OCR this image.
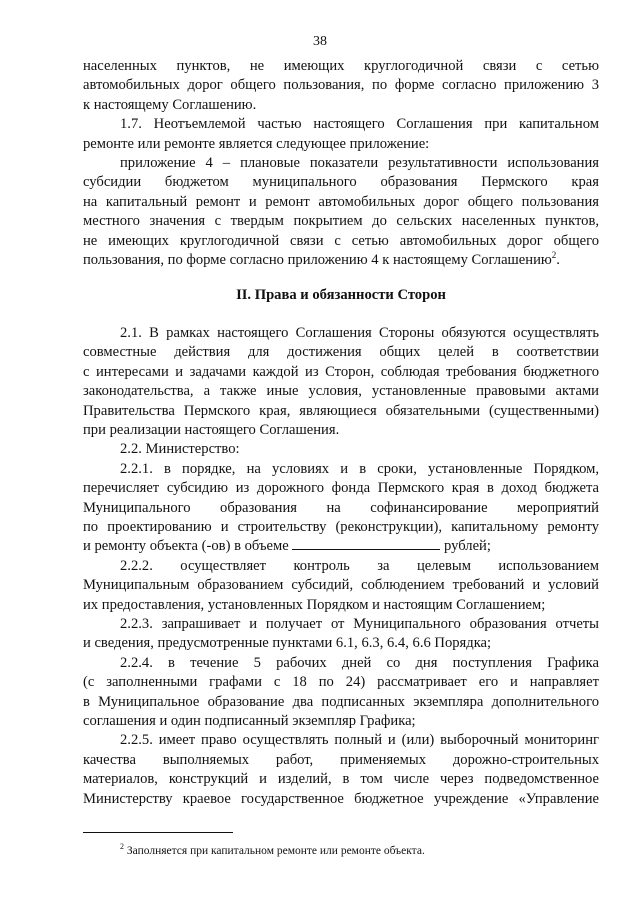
38
населенных пунктов, не имеющих круглогодичной связи с сетью
автомобильных дорог общего пользования, по форме согласно приложению 3
к настоящему Соглашению.
1.7. Неотъемлемой частью настоящего Соглашения при капитальном
ремонте или ремонте является следующее приложение:
приложение 4 – плановые показатели результативности использования
субсидии бюджетом муниципального образования Пермского края
на капитальный ремонт и ремонт автомобильных дорог общего пользования
местного значения с твердым покрытием до сельских населенных пунктов,
не имеющих круглогодичной связи с сетью автомобильных дорог общего
пользования, по форме согласно приложению 4 к настоящему Соглашению$^2$.

II. Права и обязанности Сторон

2.1. В рамках настоящего Соглашения Стороны обязуются осуществлять
совместные действия для достижения общих целей в соответствии
с интересами и задачами каждой из Сторон, соблюдая требования бюджетного
законодательства, а также иные условия, установленные правовыми актами
Правительства Пермского края, являющиеся обязательными (существенными)
при реализации настоящего Соглашения.
2.2. Министерство:
2.2.1. в порядке, на условиях и в сроки, установленные Порядком,
перечисляет субсидию из дорожного фонда Пермского края в доход бюджета
Муниципального образования на софинансирование мероприятий
по проектированию и строительству (реконструкции), капитальному ремонту
и ремонту объекта (-ов) в объеме	рублей;
2.2.2. осуществляет контроль за целевым использованием
Муниципальным образованием субсидий, соблюдением требований и условий
их предоставления, установленных Порядком и настоящим Соглашением;
2.2.3. запрашивает и получает от Муниципального образования отчеты
и сведения, предусмотренные пунктами 6.1, 6.3, 6.4, 6.6 Порядка;
2.2.4. в течение 5 рабочих дней со дня поступления Графика
(с заполненными графами с 18 по 24) рассматривает его и направляет
в Муниципальное образование два подписанных экземпляра дополнительного
соглашения и один подписанный экземпляр Графика;
2.2.5. имеет право осуществлять полный и (или) выборочный мониторинг
качества выполняемых работ, применяемых дорожно-строительных
материалов, конструкций и изделий, в том числе через подведомственное
Министерству краевое государственное бюджетное учреждение «Управление
$^2$ Заполняется при капитальном ремонте или ремонте объекта.
